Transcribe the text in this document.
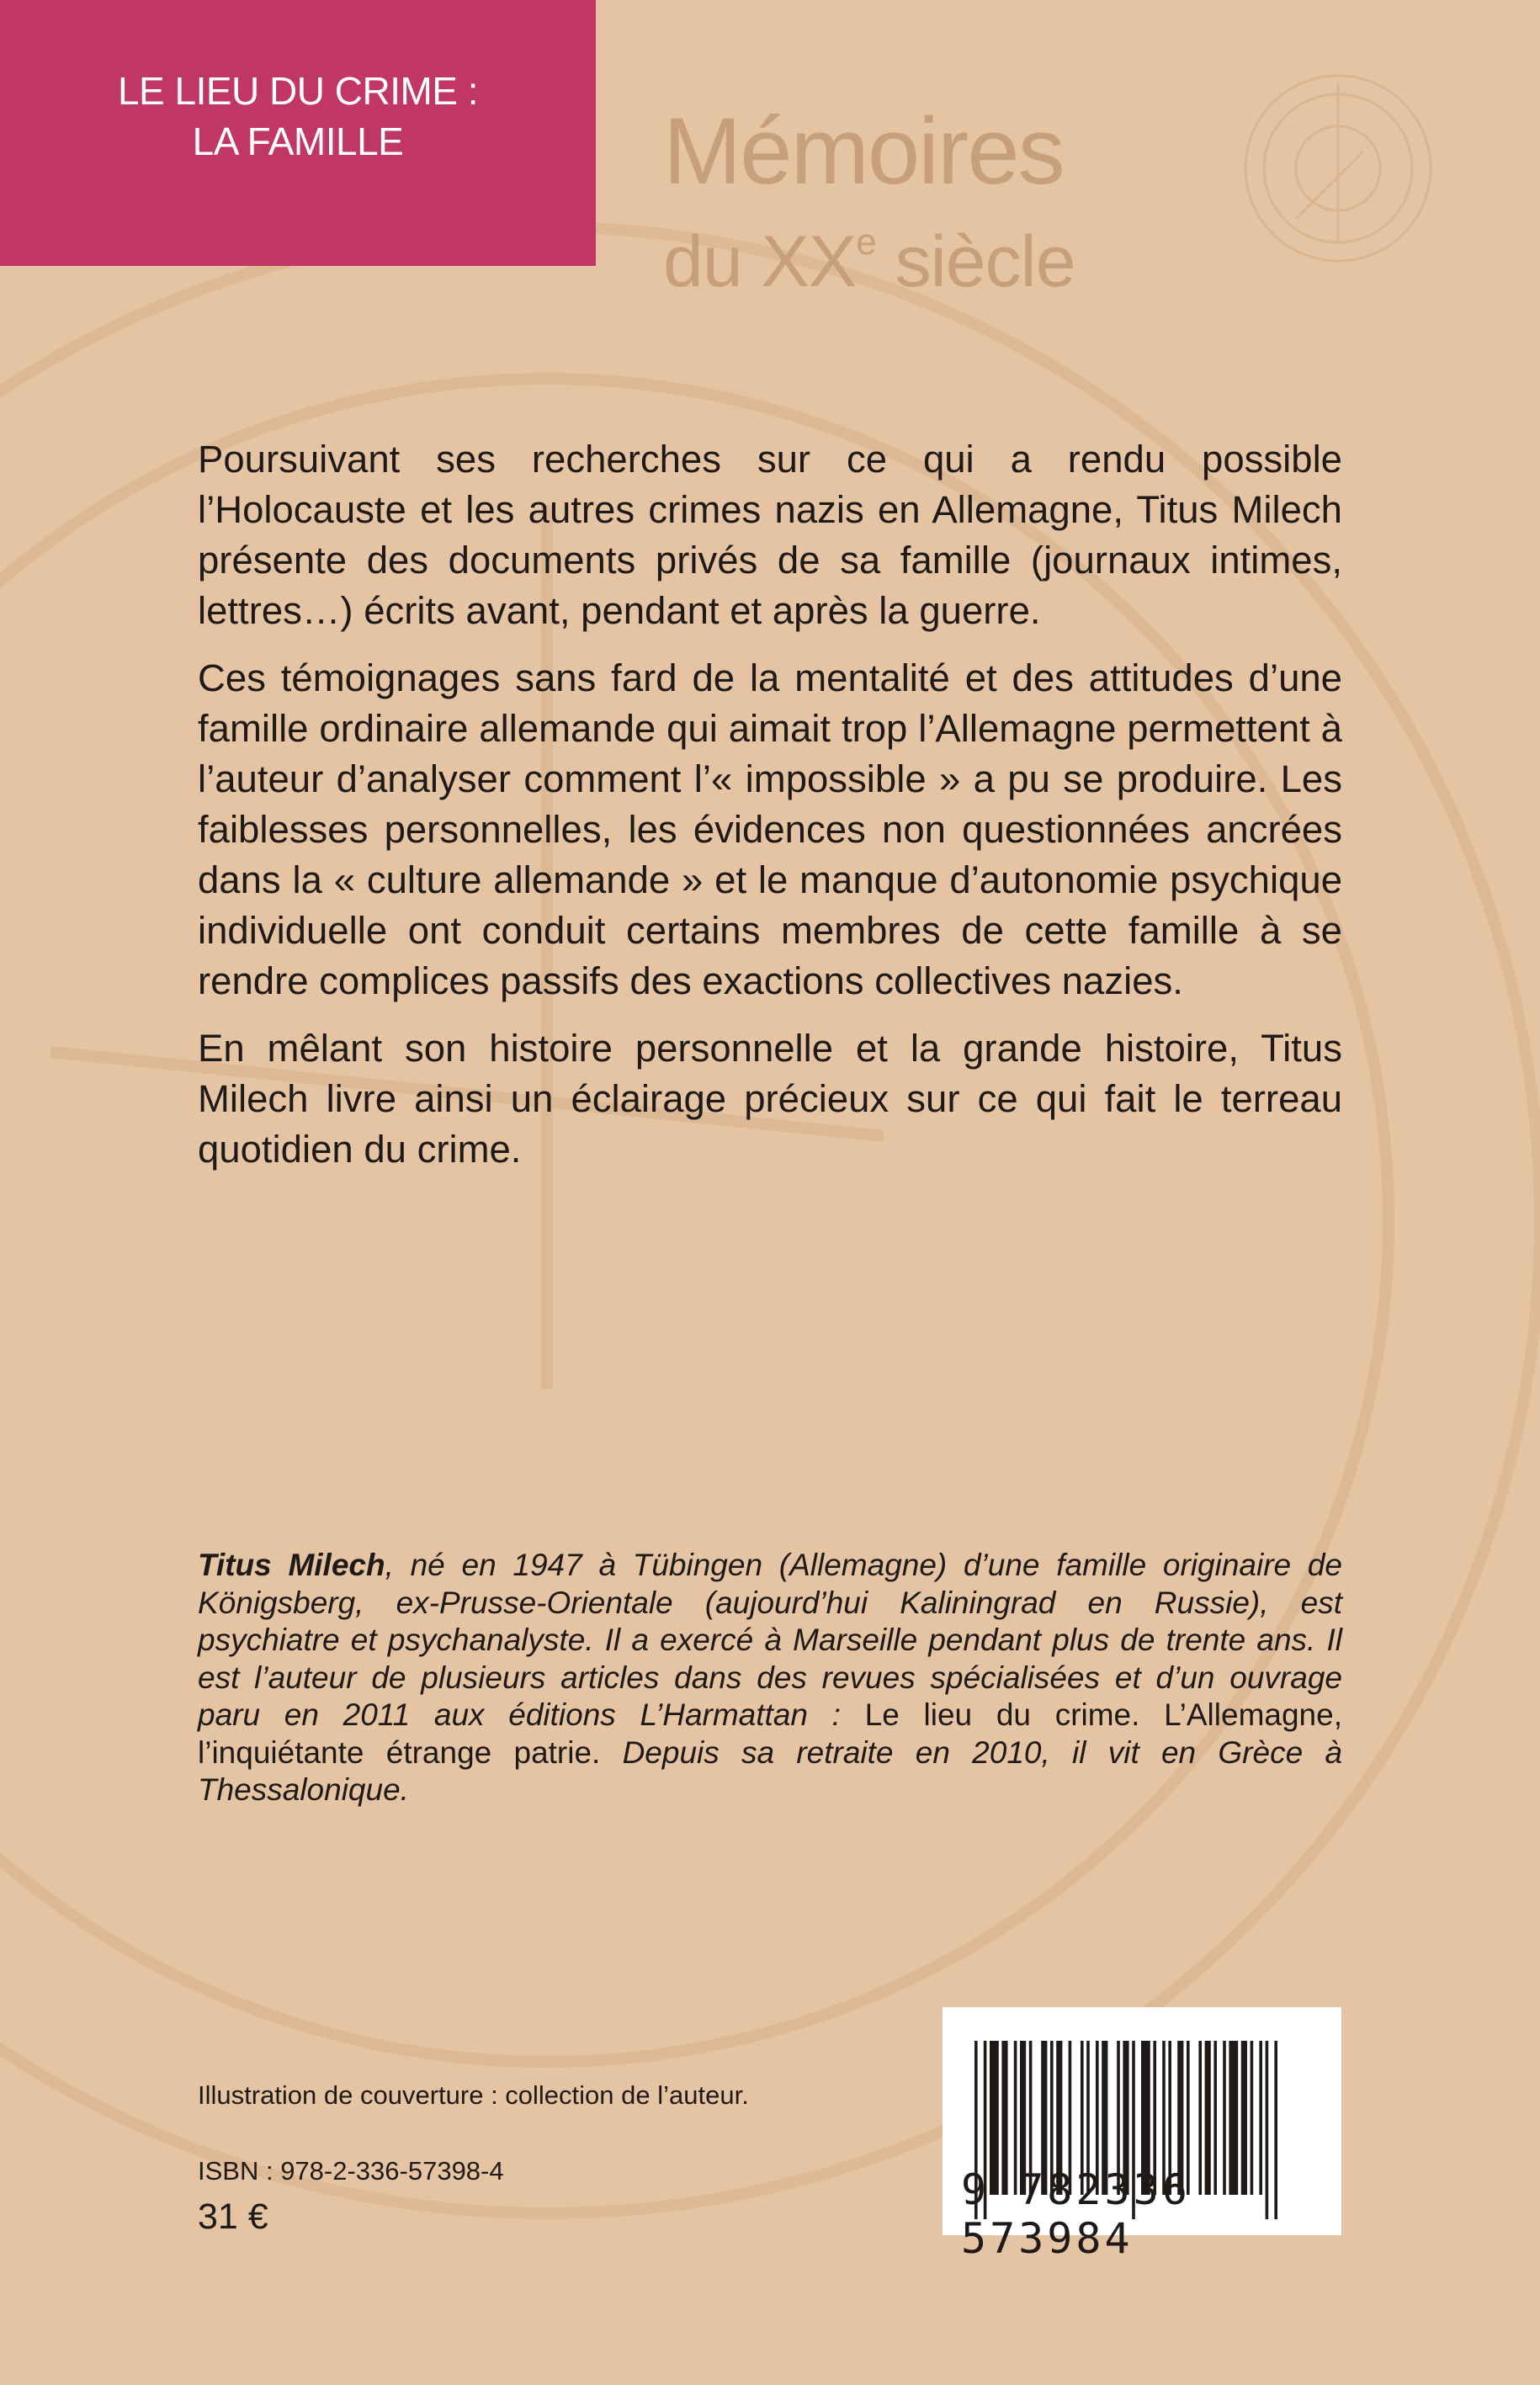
LE LIEU DU CRIME :
LA FAMILLE	Mémoires
du XXe siècle

Poursuivant ses recherches sur ce qui a rendu possible l’Holocauste et les autres crimes nazis en Allemagne, Titus Milech présente des documents privés de sa famille (journaux intimes, lettres…) écrits avant, pendant et après la guerre.

Ces témoignages sans fard de la mentalité et des attitudes d’une famille ordinaire allemande qui aimait trop l’Allemagne permettent à l’auteur d’analyser comment l’« impossible » a pu se produire. Les faiblesses personnelles, les évidences non questionnées ancrées dans la « culture allemande » et le manque d’autonomie psychique individuelle ont conduit certains membres de cette famille à se rendre complices passifs des exactions collectives nazies.

En mêlant son histoire personnelle et la grande histoire, Titus Milech livre ainsi un éclairage précieux sur ce qui fait le terreau quotidien du crime.

Titus Milech, né en 1947 à Tübingen (Allemagne) d’une famille originaire de Königsberg, ex-Prusse-Orientale (aujourd’hui Kaliningrad en Russie), est psychiatre et psychanalyste. Il a exercé à Marseille pendant plus de trente ans. Il est l’auteur de plusieurs articles dans des revues spécialisées et d’un ouvrage paru en 2011 aux éditions L’Harmattan : Le lieu du crime. L’Allemagne, l’inquiétante étrange patrie. Depuis sa retraite en 2010, il vit en Grèce à Thessalonique.

Illustration de couverture : collection de l’auteur.
ISBN : 978-2-336-57398-4
31 €
9 782336 573984
